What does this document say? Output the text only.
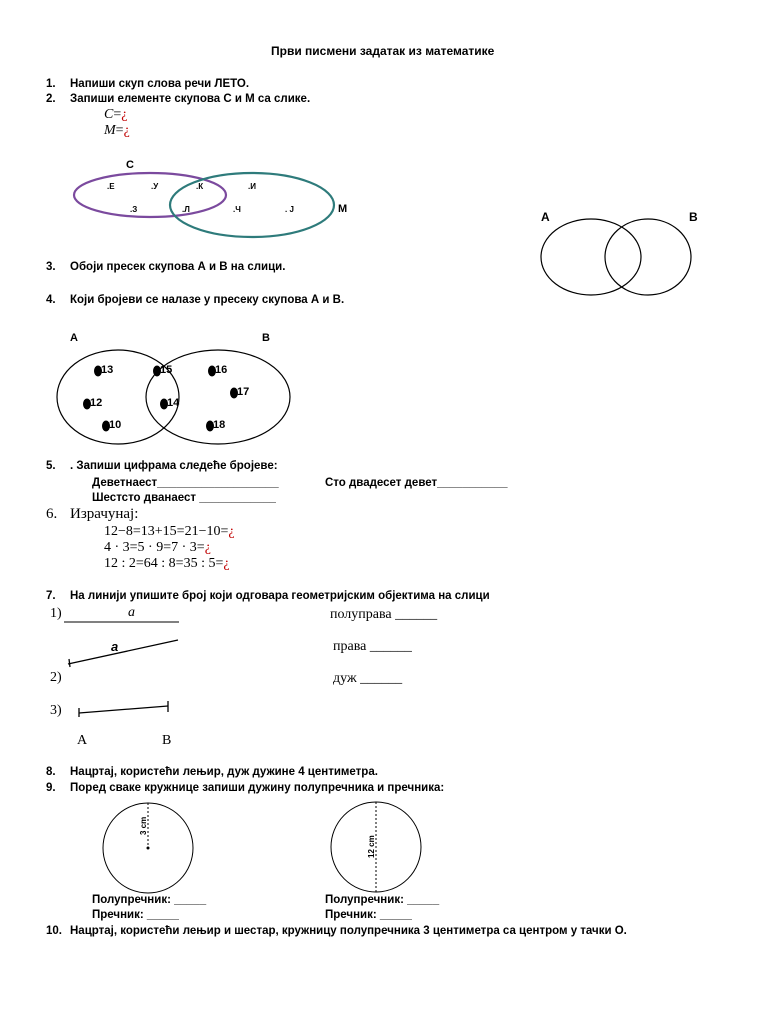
Први писмени задатак из математике
1. Напиши скуп слова речи ЛЕТО.
2. Запиши елементе скупова С и М са слике.
C=¿
M=¿
С
М
.Е	.У	.К	.И
.З	.Л	.Ч	. Ј
A	B
A	B
13	15	16
12	14
17
10	18
a
3 cm
12 cm
3. Обоји пресек скупова А и В на слици.
4. Који бројеви се налазе у пресеку скупова А и В.
5. . Запиши цифрама следеће бројеве:
Деветнаест___________________	Сто двадесет девет___________
Шестсто дванаест ____________
6. Израчунај:
12−8=13+15=21−10=¿
4 · 3=5 · 9=7 · 3=¿
12 : 2=64 : 8=35 : 5=¿
7. На линији упишите број који одговара геометријским објектима на слици
1)	a
2)
3)
A	B
полуправа ______
права ______
дуж ______
8. Нацртај, користећи лењир, дуж дужине 4 центиметра.
9. Поред сваке кружнице запиши дужину полупречника и пречника:
Полупречник: _____
Пречник: _____
Полупречник: _____
Пречник: _____
10. Нацртај, користећи лењир и шестар, кружницу полупречника 3 центиметра са центром у тачки О.
